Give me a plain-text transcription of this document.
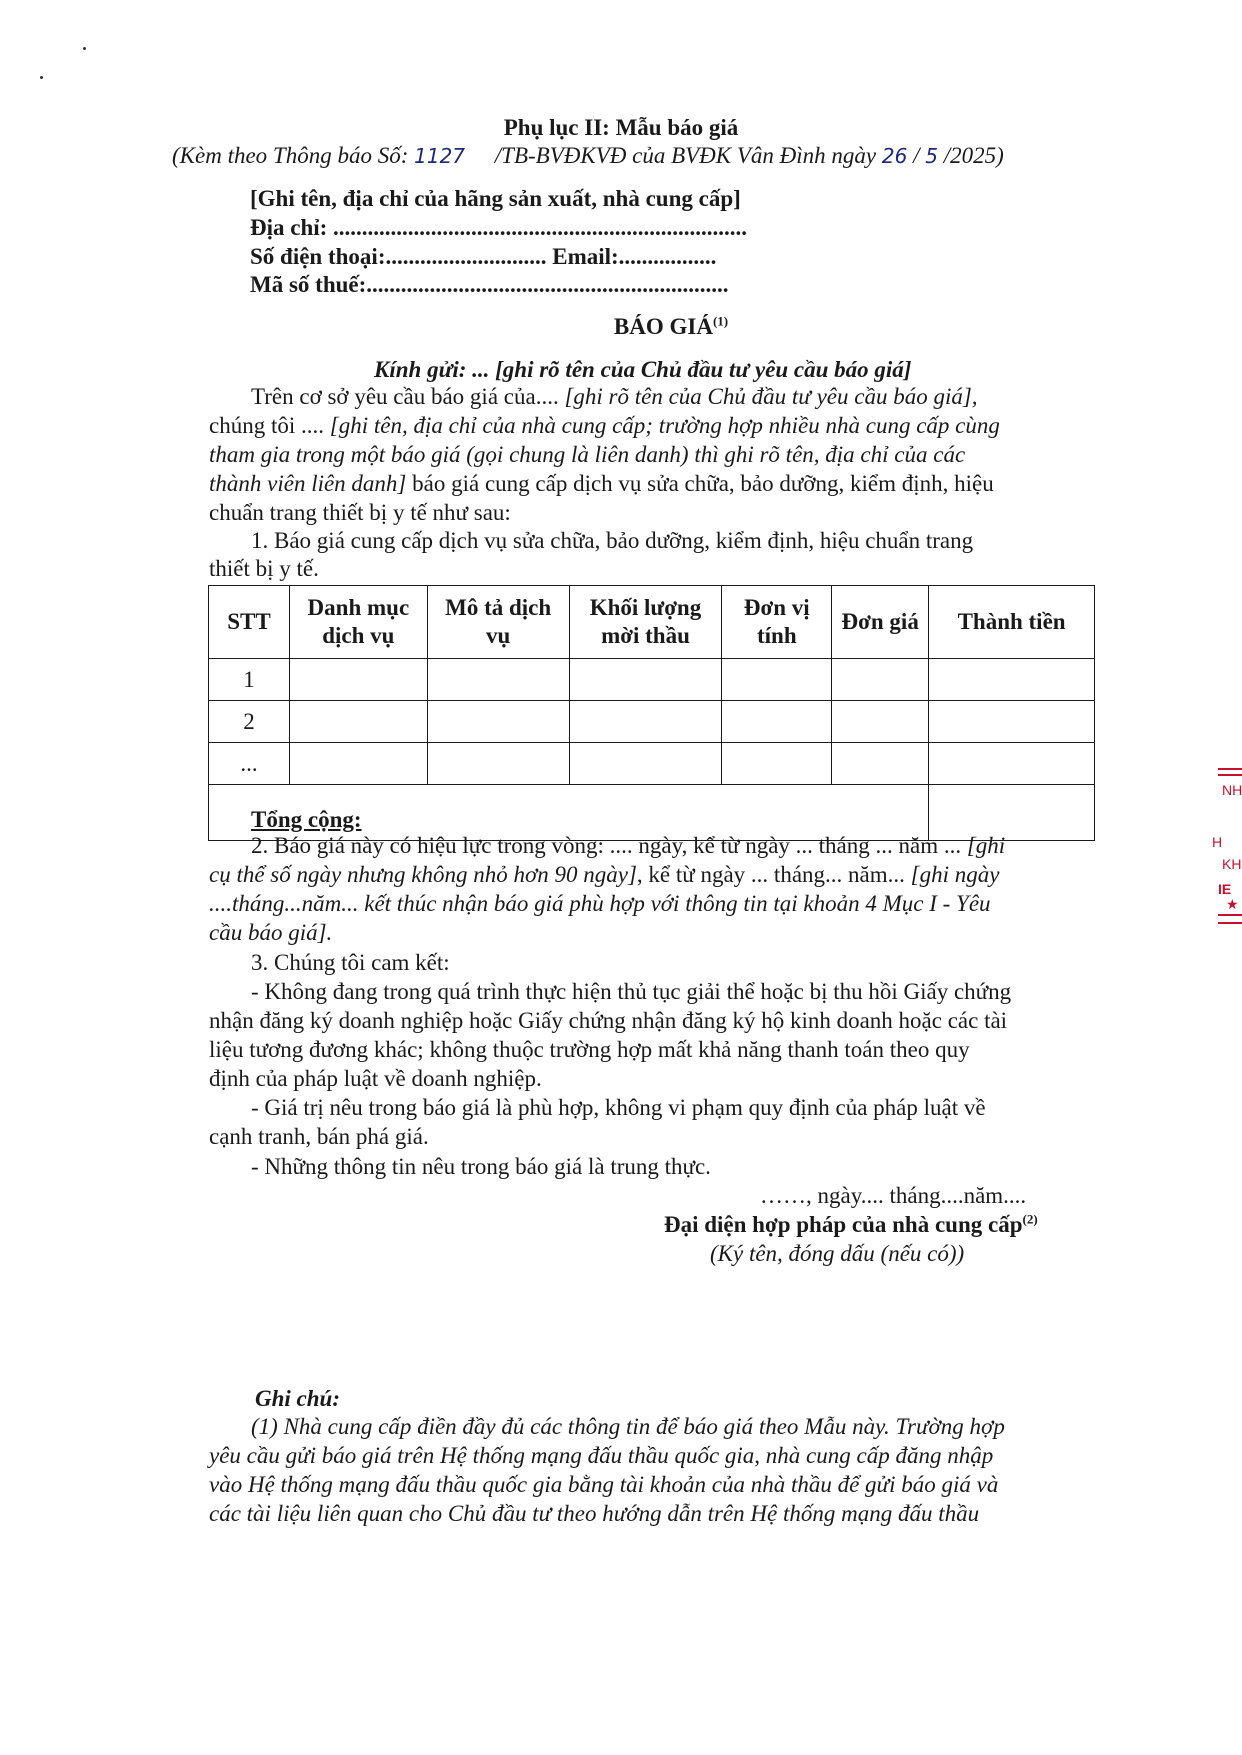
Phụ lục II: Mẫu báo giá
(Kèm theo Thông báo Số: 1127 /TB-BVĐKVĐ của BVĐK Vân Đình ngày 26 / 5 /2025)
[Ghi tên, địa chỉ của hãng sản xuất, nhà cung cấp]
Địa chỉ: ........................................................................
Số điện thoại:............................ Email:.................
Mã số thuế:...............................................................
BÁO GIÁ$^{(1)}$
Kính gửi: ... [ghi rõ tên của Chủ đầu tư yêu cầu báo giá]
Trên cơ sở yêu cầu báo giá của.... [ghi rõ tên của Chủ đầu tư yêu cầu báo giá],
chúng tôi .... [ghi tên, địa chỉ của nhà cung cấp; trường hợp nhiều nhà cung cấp cùng
tham gia trong một báo giá (gọi chung là liên danh) thì ghi rõ tên, địa chỉ của các
thành viên liên danh] báo giá cung cấp dịch vụ sửa chữa, bảo dưỡng, kiểm định, hiệu
chuẩn trang thiết bị y tế như sau:
1. Báo giá cung cấp dịch vụ sửa chữa, bảo dưỡng, kiểm định, hiệu chuẩn trang
thiết bị y tế.
STT	Danh mục dịch vụ	Mô tả dịch vụ	Khối lượng mời thầu	Đơn vị tính	Đơn giá	Thành tiền
1						
2						
...						
Tổng cộng:						
2. Báo giá này có hiệu lực trong vòng: .... ngày, kể từ ngày ... tháng ... năm ... [ghi
cụ thể số ngày nhưng không nhỏ hơn 90 ngày], kể từ ngày ... tháng... năm... [ghi ngày
....tháng...năm... kết thúc nhận báo giá phù hợp với thông tin tại khoản 4 Mục I - Yêu
cầu báo giá].
3. Chúng tôi cam kết:
- Không đang trong quá trình thực hiện thủ tục giải thể hoặc bị thu hồi Giấy chứng
nhận đăng ký doanh nghiệp hoặc Giấy chứng nhận đăng ký hộ kinh doanh hoặc các tài
liệu tương đương khác; không thuộc trường hợp mất khả năng thanh toán theo quy
định của pháp luật về doanh nghiệp.
- Giá trị nêu trong báo giá là phù hợp, không vi phạm quy định của pháp luật về
cạnh tranh, bán phá giá.
- Những thông tin nêu trong báo giá là trung thực.
……, ngày.... tháng....năm....
Đại diện hợp pháp của nhà cung cấp$^{(2)}$
(Ký tên, đóng dấu (nếu có))
Ghi chú:
(1) Nhà cung cấp điền đầy đủ các thông tin để báo giá theo Mẫu này. Trường hợp
yêu cầu gửi báo giá trên Hệ thống mạng đấu thầu quốc gia, nhà cung cấp đăng nhập
vào Hệ thống mạng đấu thầu quốc gia bằng tài khoản của nhà thầu để gửi báo giá và
các tài liệu liên quan cho Chủ đầu tư theo hướng dẫn trên Hệ thống mạng đấu thầu
NH
H
KH
IE
★
